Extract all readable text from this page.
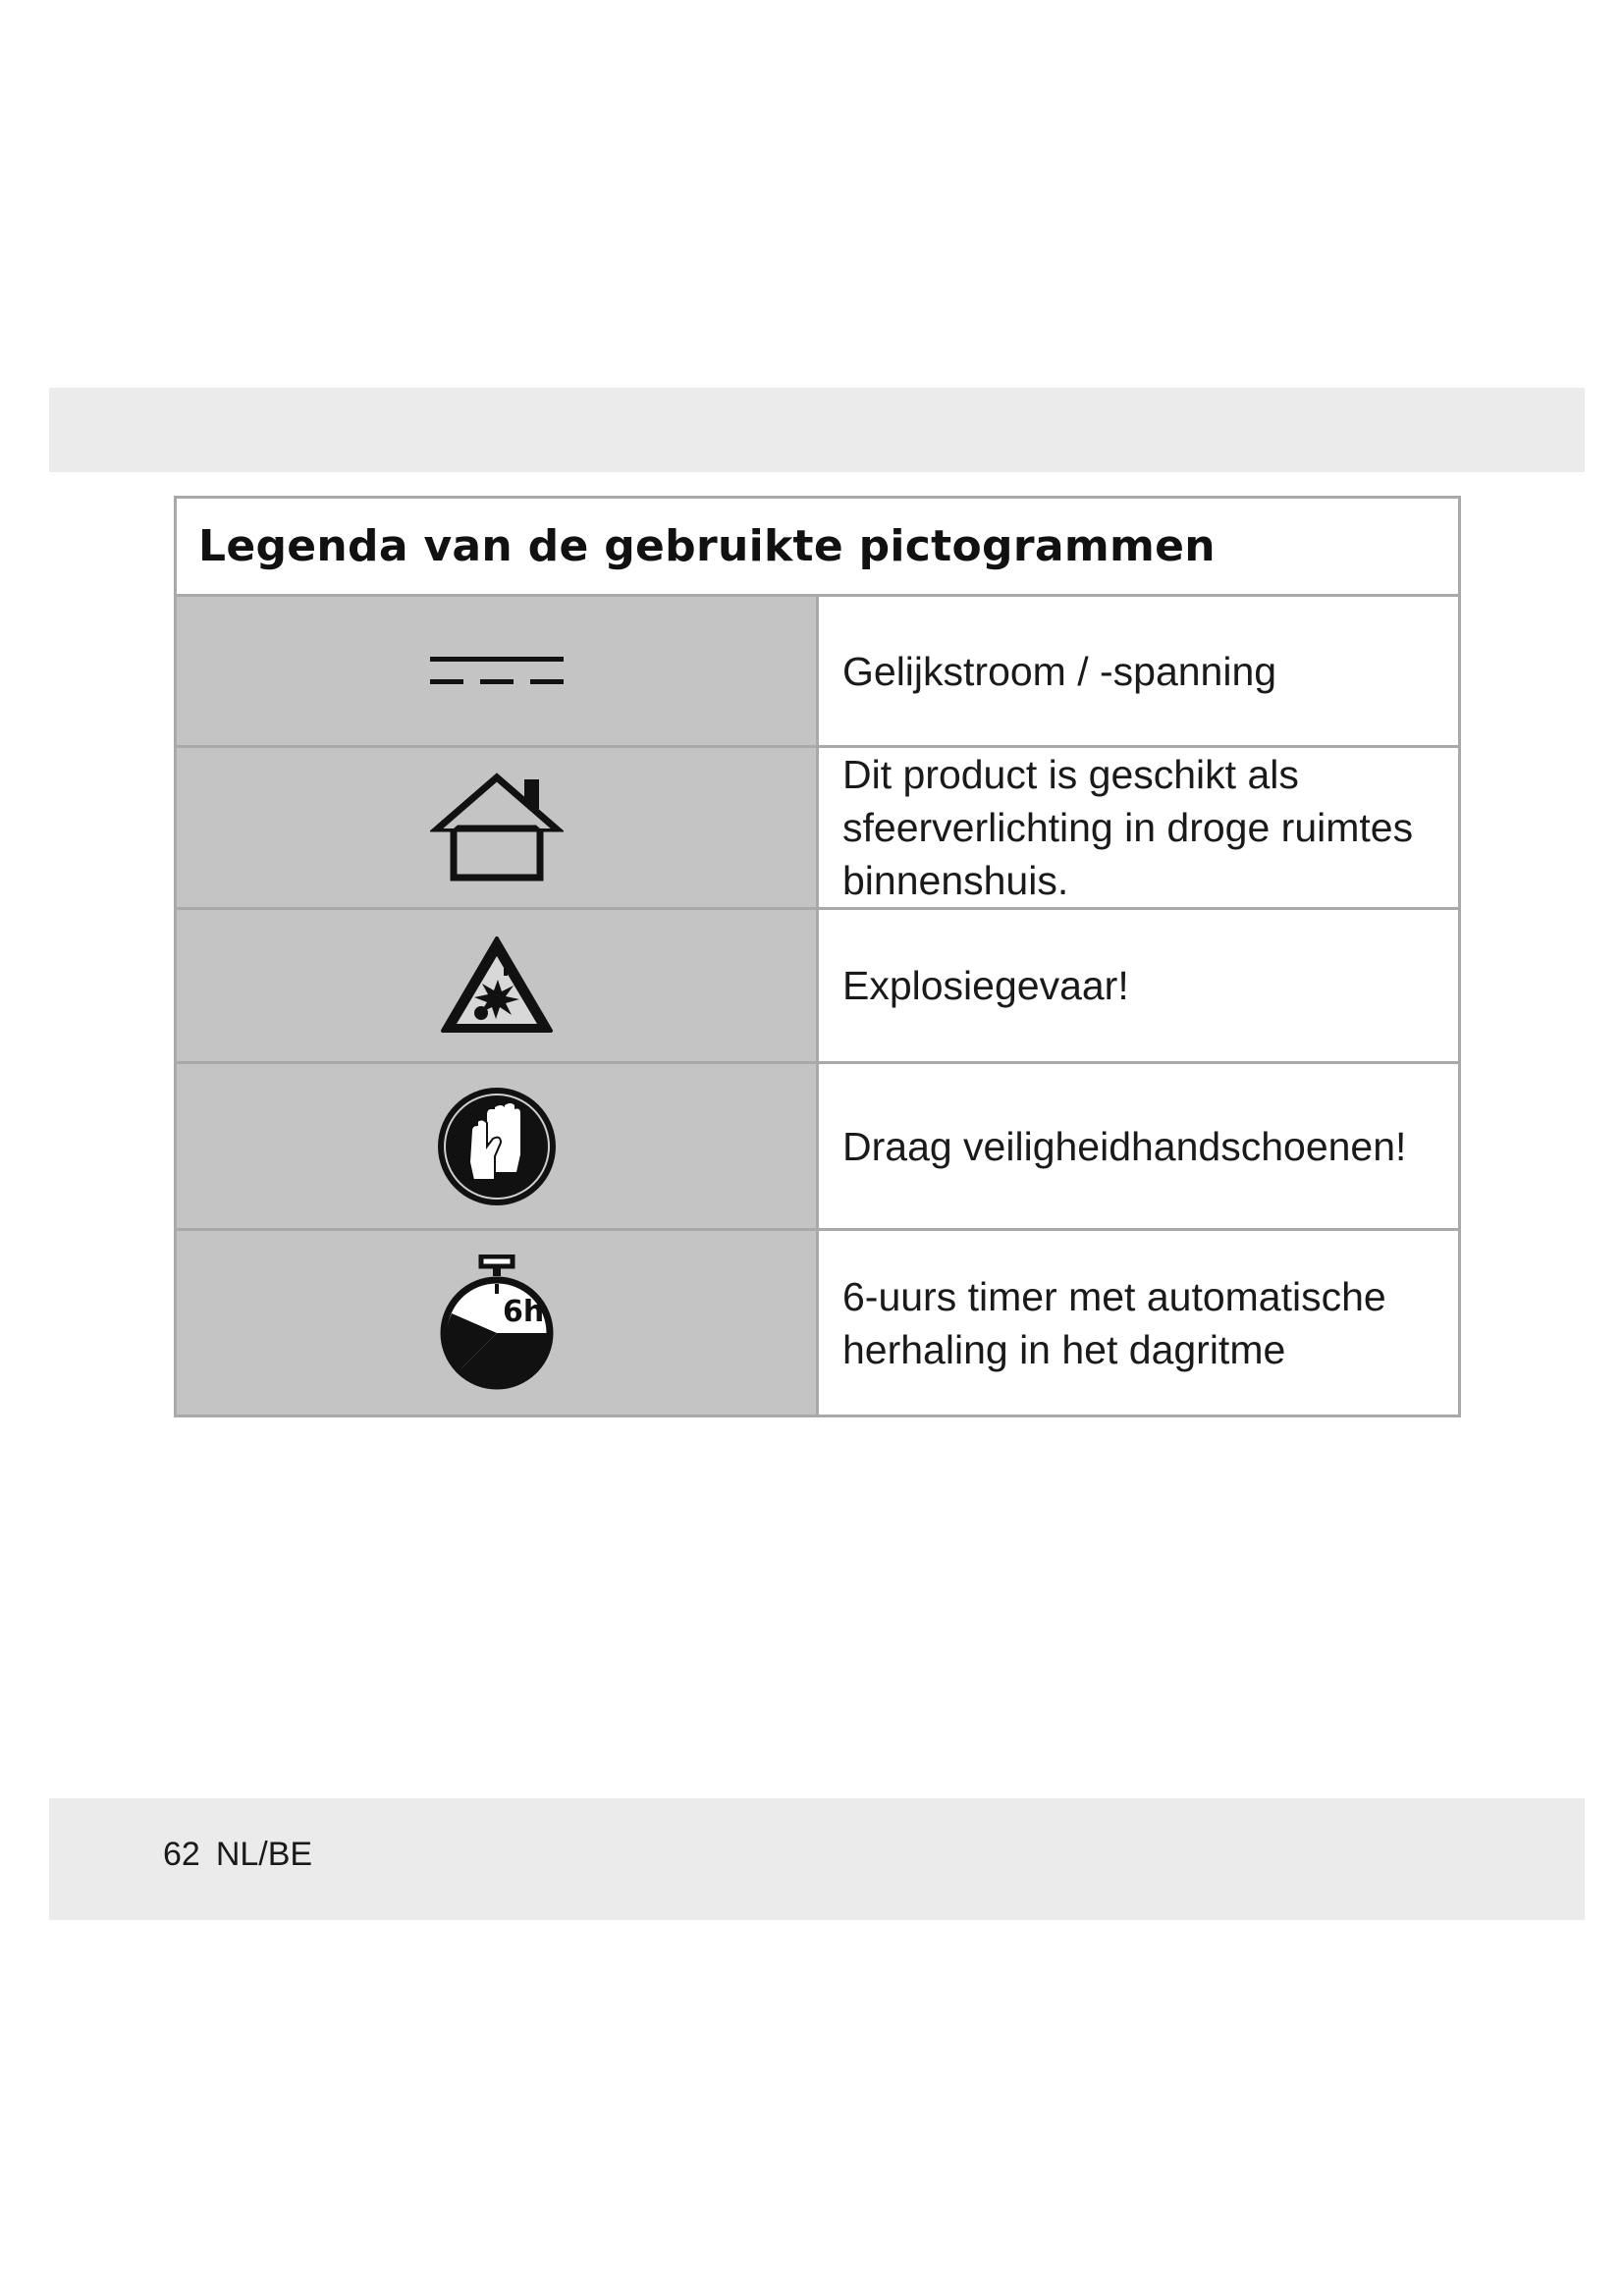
Legenda van de gebruikte pictogrammen	

	Gelijkstroom / -spanning

	Dit product is geschikt als sfeerverlichting in droge ruimtes binnenshuis.

	Explosiegevaar!

	Draag veiligheidhandschoenen!

6h	6-uurs timer met automatische herhaling in het dagritme
62 NL/BE
